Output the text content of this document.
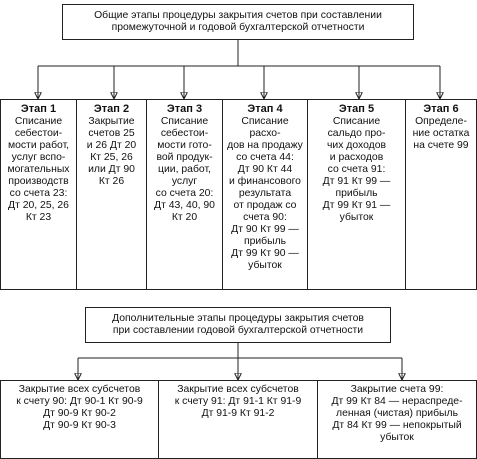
Общие этапы процедуры закрытия счетов при составлении
промежуточной и годовой бухгалтерской отчетности
Этап 1
Списание
себестои-
мости работ,
услуг вспо-
могательных
производств
со счета 23:
Дт 20, 25, 26
Кт 23
Этап 2
Закрытие
счетов 25
и 26 Дт 20
Кт 25, 26
или Дт 90
Кт 26
Этап 3
Списание
себестои-
мости гото-
вой продук-
ции, работ,
услуг
со счета 20:
Дт 43, 40, 90
Кт 20
Этап 4
Списание расхо-
дов на продажу
со счета 44:
Дт 90 Кт 44
и финансового
результата
от продаж со
счета 90:
Дт 90 Кт 99 —
прибыль
Дт 99 Кт 90 —
убыток
Этап 5
Списание
сальдо про-
чих доходов
и расходов
со счета 91:
Дт 91 Кт 99 —
прибыль
Дт 99 Кт 91 —
убыток
Этап 6
Определе-
ние остатка
на счете 99
Дополнительные этапы процедуры закрытия счетов
при составлении годовой бухгалтерской отчетности
Закрытие всех субсчетов
к счету 90: Дт 90-1 Кт 90-9
Дт 90-9 Кт 90-2
Дт 90-9 Кт 90-3
Закрытие всех субсчетов
к счету 91: Дт 91-1 Кт 91-9
Дт 91-9 Кт 91-2
Закрытие счета 99:
Дт 99 Кт 84 — нераспреде-
ленная (чистая) прибыль
Дт 84 Кт 99 — непокрытый
убыток
